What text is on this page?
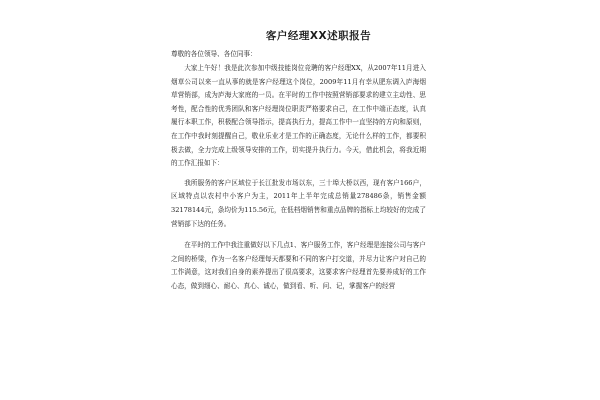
客户经理XX述职报告
尊敬的各位领导、各位同事：

大家上午好！我是此次参加中级技能岗位竞聘的客户经理XX，从2007年11月进入烟草公司以来一直从事的就是客户经理这个岗位，2009年11月有幸从肥东调入庐海烟草营销部，成为庐海大家庭的一员。在平时的工作中按照营销部要求的建立主动性、思考性，配合性的优秀团队和客户经理岗位职责严格要求自己，在工作中端正态度，认真履行本职工作，积极配合领导指示，提高执行力，提高工作中一直坚持的方向和原则，在工作中我时刻提醒自己，敬业乐业才是工作的正确态度，无论什么样的工作，都要积极去做，全力完成上级领导安排的工作，切实提升执行力。今天，借此机会，将我近期的工作汇报如下：

我所服务的客户区域位于长江批发市场以东，三十埠大桥以西，现有客户166户，区域特点以农村中小客户为主，2011年上半年完成总销量278486条，销售金额32178144元，条均价为115.56元，在低档烟销售和重点品牌的指标上均较好的完成了营销部下达的任务。

在平时的工作中我注重做好以下几点1、客户服务工作，客户经理是连接公司与客户之间的桥梁，作为一名客户经理每天都要和不同的客户打交道，并尽力让客户对自己的工作满意，这对我们自身的素养提出了很高要求，这要求客户经理首先要养成好的工作心态，做到细心、耐心、真心、诚心，做到看、听、问、记，掌握客户的经营
